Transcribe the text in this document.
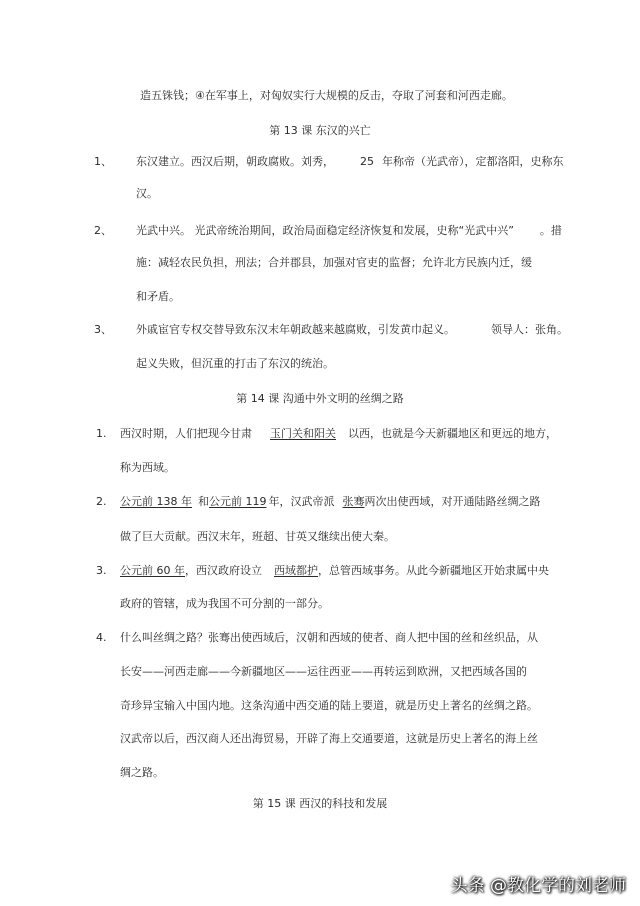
造五铢钱；④在军事上，对匈奴实行大规模的反击，夺取了河套和河西走廊。
第 13 课 东汉的兴亡
1、 东汉建立。西汉后期，朝政腐败。刘秀， 25 年称帝（光武帝），定都洛阳，史称东
汉。
2、 光武中兴。 光武帝统治期间，政治局面稳定经济恢复和发展，史称“光武中兴” 。措
施：减轻农民负担，刑法；合并郡县，加强对官吏的监督；允许北方民族内迁，缓
和矛盾。
3、 外戚宦官专权交替导致东汉末年朝政越来越腐败，引发黄巾起义。	领导人：张角。
起义失败，但沉重的打击了东汉的统治。
第 14 课 沟通中外文明的丝绸之路
1. 西汉时期，人们把现今甘肃 玉门关和阳关 以西，也就是今天新疆地区和更远的地方，
称为西域。
2. 公元前 138 年 和公元前 119 年，汉武帝派 张骞两次出使西域，对开通陆路丝绸之路
做了巨大贡献。西汉末年，班超、甘英又继续出使大秦。
3. 公元前 60 年，西汉政府设立 西域都护，总管西域事务。从此今新疆地区开始隶属中央
政府的管辖，成为我国不可分割的一部分。
4. 什么叫丝绸之路？张骞出使西域后，汉朝和西域的使者、商人把中国的丝和丝织品，从
长安——河西走廊——今新疆地区——运往西亚——再转运到欧洲，又把西域各国的
奇珍异宝输入中国内地。这条沟通中西交通的陆上要道，就是历史上著名的丝绸之路。
汉武帝以后，西汉商人还出海贸易，开辟了海上交通要道，这就是历史上著名的海上丝
绸之路。
第 15 课 西汉的科技和发展
头条 @教化学的刘老师
